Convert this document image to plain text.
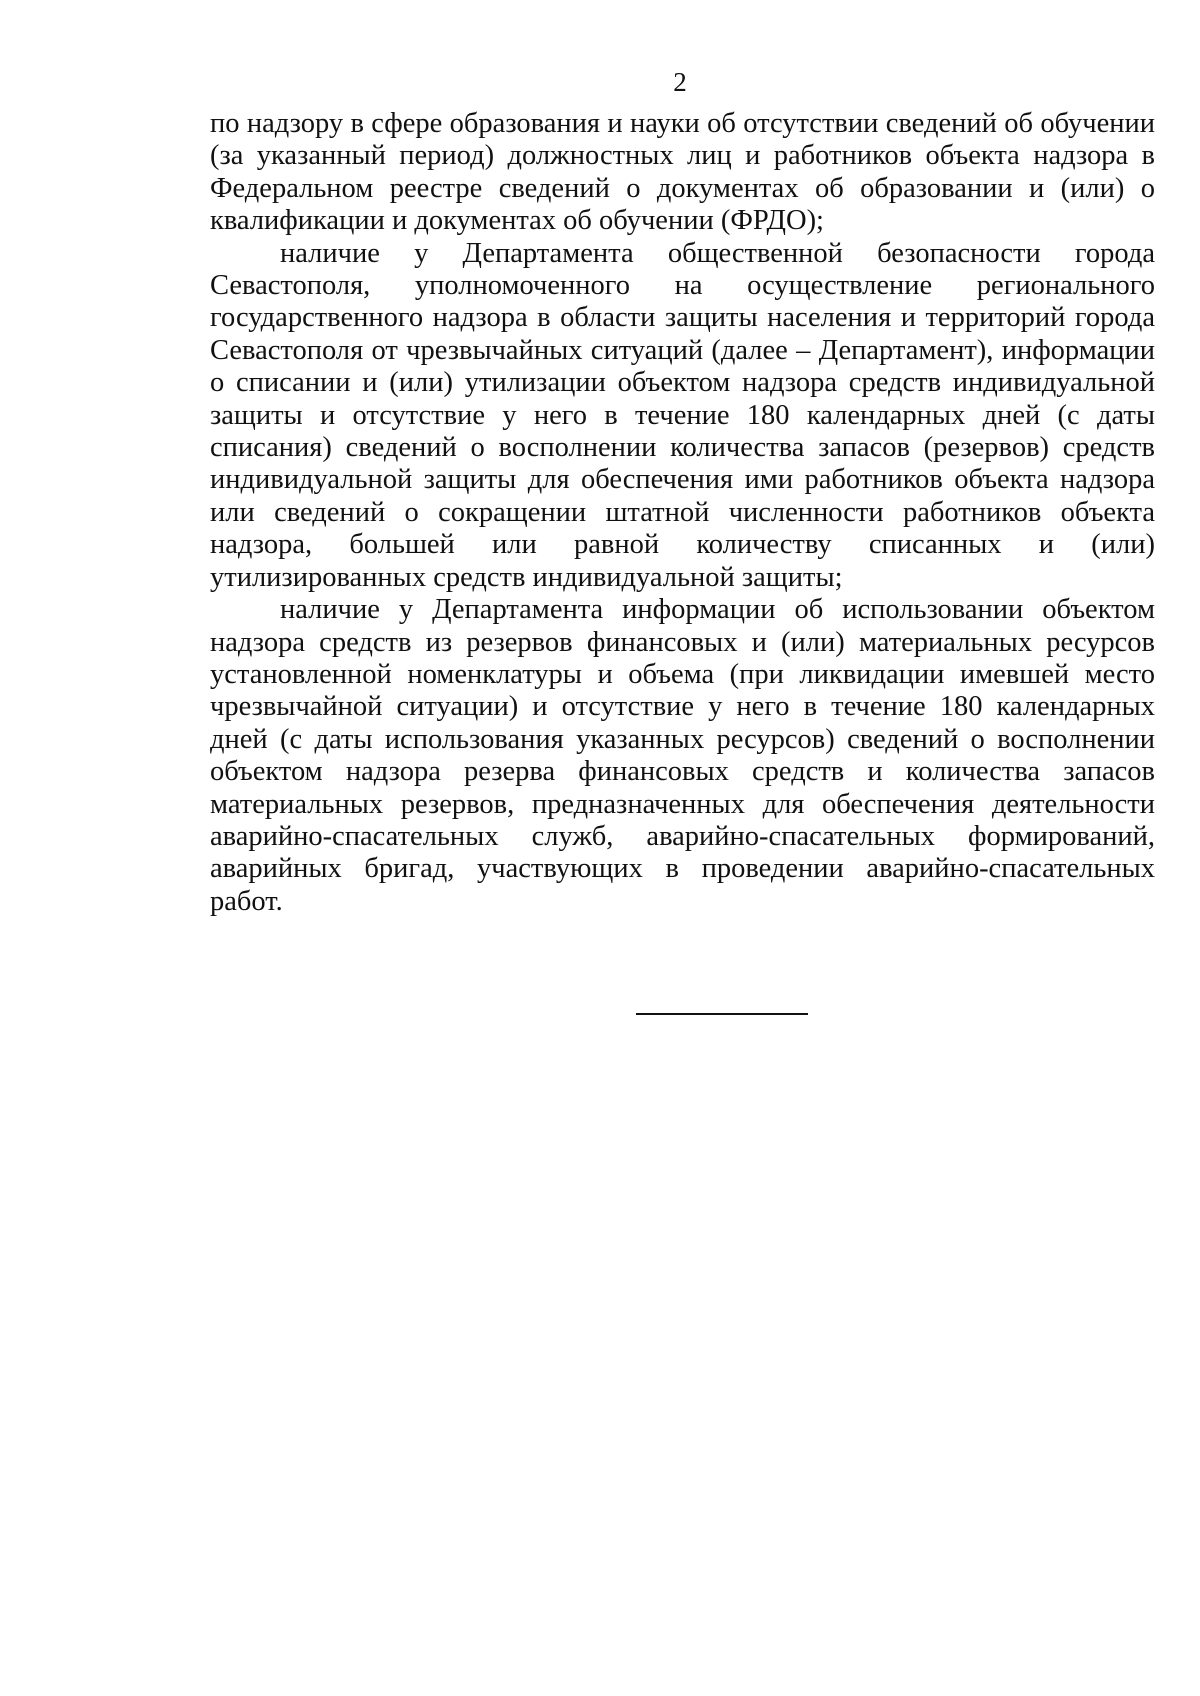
2

по надзору в сфере образования и науки об отсутствии сведений об обучении (за указанный период) должностных лиц и работников объекта надзора в Федеральном реестре сведений о документах об образовании и (или) о квалификации и документах об обучении (ФРДО);

наличие у Департамента общественной безопасности города Севастополя, уполномоченного на осуществление регионального государственного надзора в области защиты населения и территорий города Севастополя от чрезвычайных ситуаций (далее – Департамент), информации о списании и (или) утилизации объектом надзора средств индивидуальной защиты и отсутствие у него в течение 180 календарных дней (с даты списания) сведений о восполнении количества запасов (резервов) средств индивидуальной защиты для обеспечения ими работников объекта надзора или сведений о сокращении штатной численности работников объекта надзора, большей или равной количеству списанных и (или) утилизированных средств индивидуальной защиты;

наличие у Департамента информации об использовании объектом надзора средств из резервов финансовых и (или) материальных ресурсов установленной номенклатуры и объема (при ликвидации имевшей место чрезвычайной ситуации) и отсутствие у него в течение 180 календарных дней (с даты использования указанных ресурсов) сведений о восполнении объектом надзора резерва финансовых средств и количества запасов материальных резервов, предназначенных для обеспечения деятельности аварийно-спасательных служб, аварийно-спасательных формирований, аварийных бригад, участвующих в проведении аварийно-спасательных работ.
